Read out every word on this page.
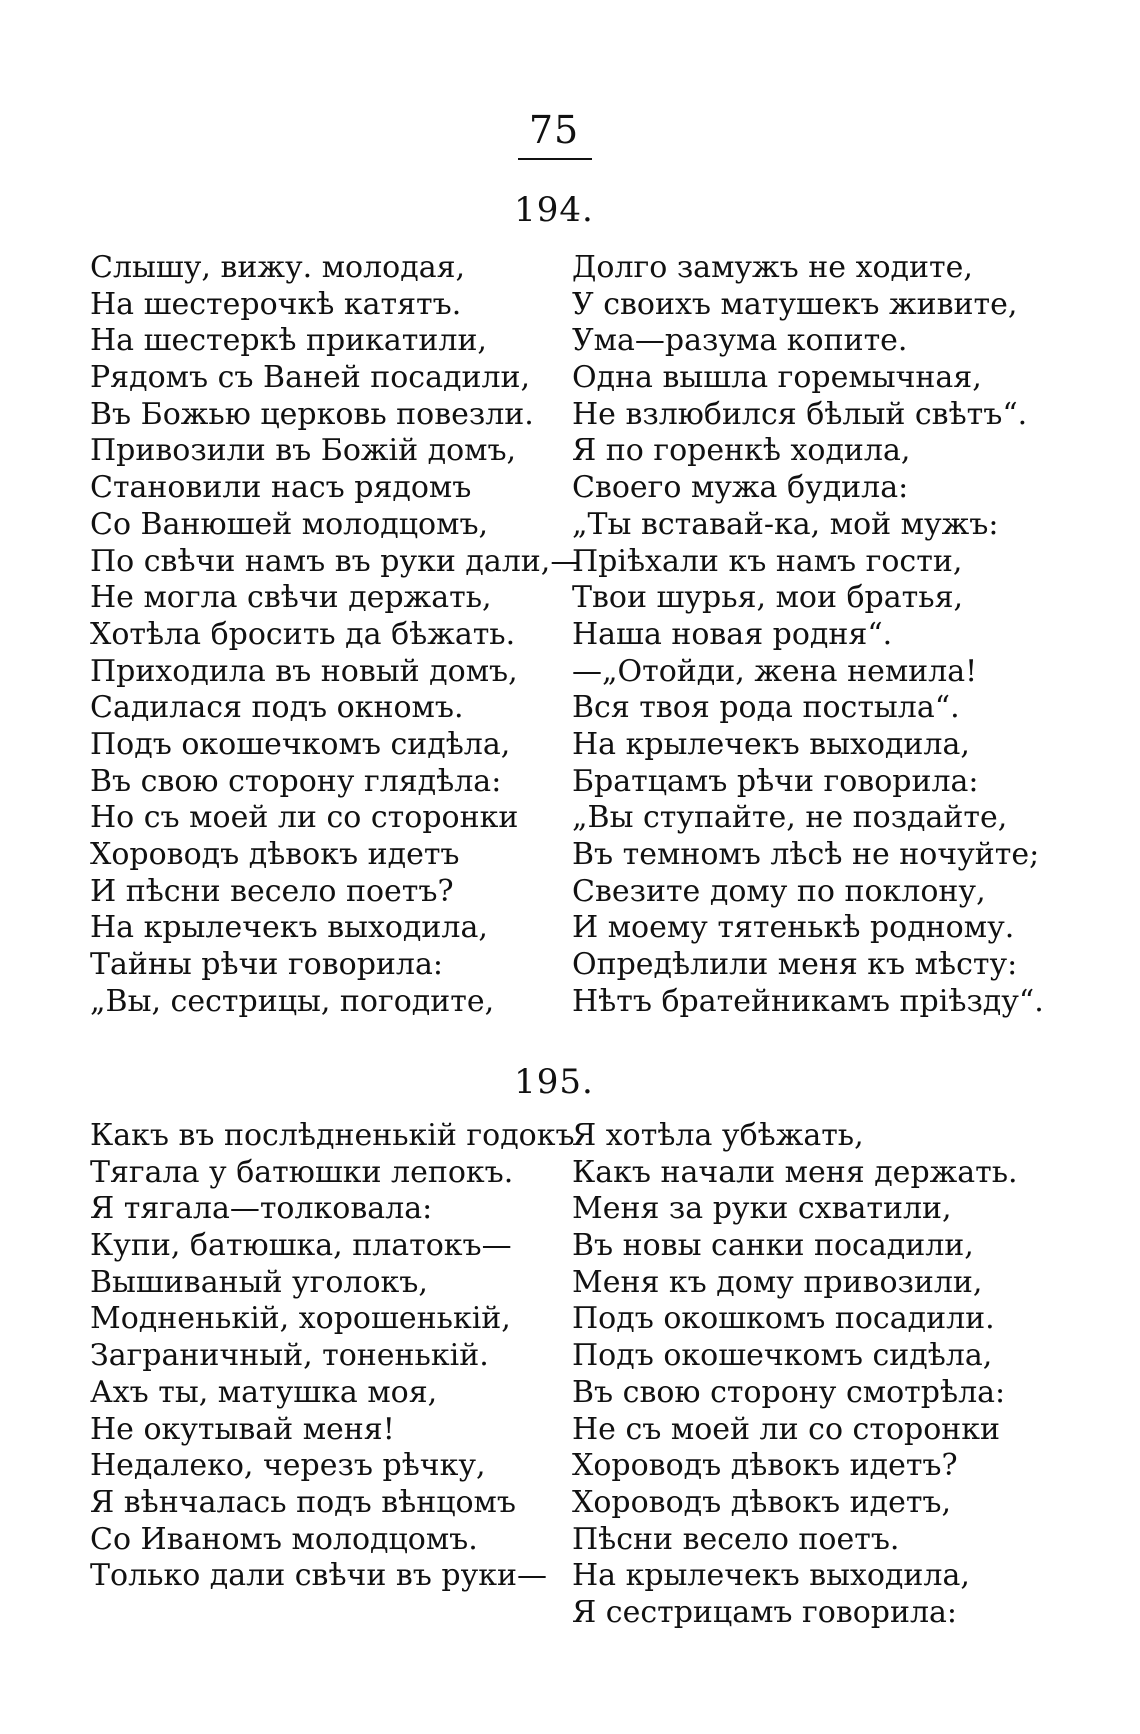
75
194.
Слышу, вижу. молодая,
На шестерочкѣ катятъ.
На шестеркѣ прикатили,
Рядомъ съ Ваней посадили,
Въ Божью церковь повезли.
Привозили въ Божій домъ,
Становили насъ рядомъ
Со Ванюшей молодцомъ,
По свѣчи намъ въ руки дали,—
Не могла свѣчи держать,
Хотѣла бросить да бѣжать.
Приходила въ новый домъ,
Садилася подъ окномъ.
Подъ окошечкомъ сидѣла,
Въ свою сторону глядѣла:
Но съ моей ли со сторонки
Хороводъ дѣвокъ идетъ
И пѣсни весело поетъ?
На крылечекъ выходила,
Тайны рѣчи говорила:
„Вы, сестрицы, погодите,
Долго замужъ не ходите,
У своихъ матушекъ живите,
Ума—разума копите.
Одна вышла горемычная,
Не взлюбился бѣлый свѣтъ“.
Я по горенкѣ ходила,
Своего мужа будила:
„Ты вставай-ка, мой мужъ:
Пріѣхали къ намъ гости,
Твои шурья, мои братья,
Наша новая родня“.
—„Отойди, жена немила!
Вся твоя рода постыла“.
На крылечекъ выходила,
Братцамъ рѣчи говорила:
„Вы ступайте, не поздайте,
Въ темномъ лѣсѣ не ночуйте;
Свезите дому по поклону,
И моему тятенькѣ родному.
Опредѣлили меня къ мѣсту:
Нѣтъ братейникамъ пріѣзду“.
195.
Какъ въ послѣдненькій годокъ
Тягала у батюшки лепокъ.
Я тягала—толковала:
Купи, батюшка, платокъ—
Вышиваный уголокъ,
Модненькій, хорошенькій,
Заграничный, тоненькій.
Ахъ ты, матушка моя,
Не окутывай меня!
Недалеко, черезъ рѣчку,
Я вѣнчалась подъ вѣнцомъ
Со Иваномъ молодцомъ.
Только дали свѣчи въ руки—
Я хотѣла убѣжать,
Какъ начали меня держать.
Меня за руки схватили,
Въ новы санки посадили,
Меня къ дому привозили,
Подъ окошкомъ посадили.
Подъ окошечкомъ сидѣла,
Въ свою сторону смотрѣла:
Не съ моей ли со сторонки
Хороводъ дѣвокъ идетъ?
Хороводъ дѣвокъ идетъ,
Пѣсни весело поетъ.
На крылечекъ выходила,
Я сестрицамъ говорила:
